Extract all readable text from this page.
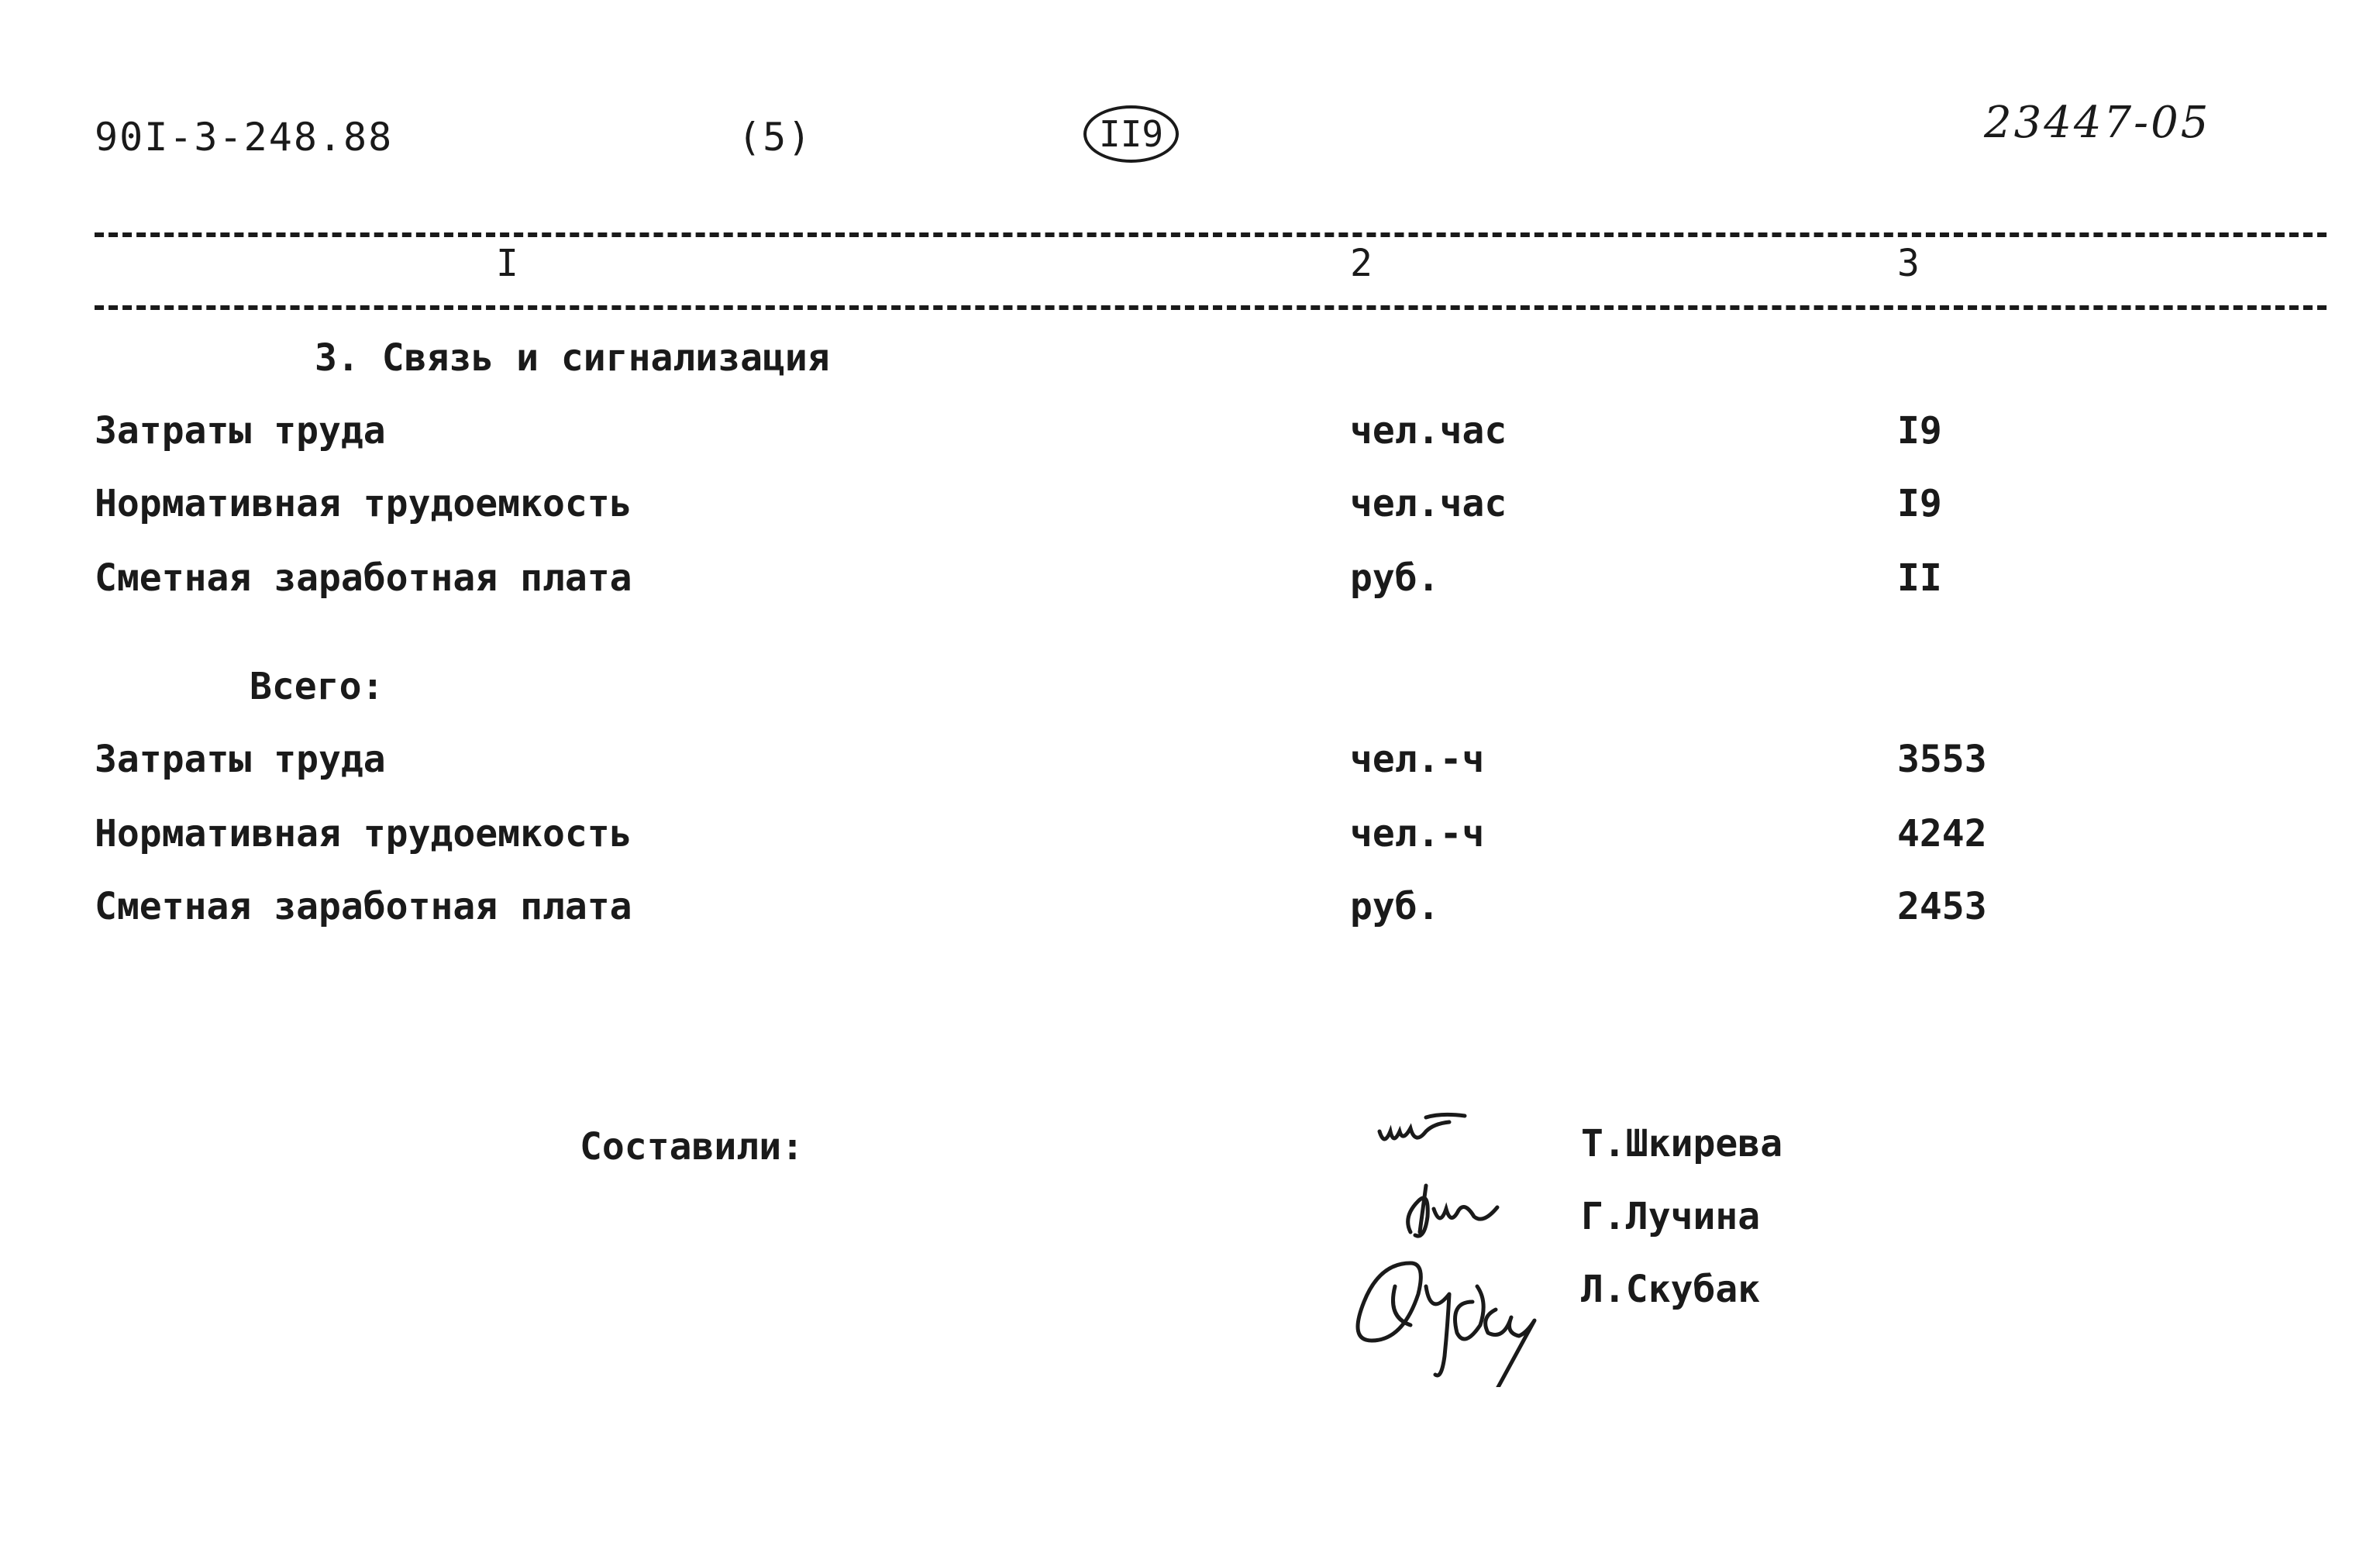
90I-3-248.88	(5)	II9	23447-05
I	2	3
3. Связь и сигнализация
Затраты труда	чел.час	I9
Нормативная трудоемкость	чел.час	I9
Сметная заработная плата	руб.	II
Всего:
Затраты труда	чел.-ч	3553
Нормативная трудоемкость	чел.-ч	4242
Сметная заработная плата	руб.	2453
Составили:	Т.Шкирева
Г.Лучина
Л.Скубак
